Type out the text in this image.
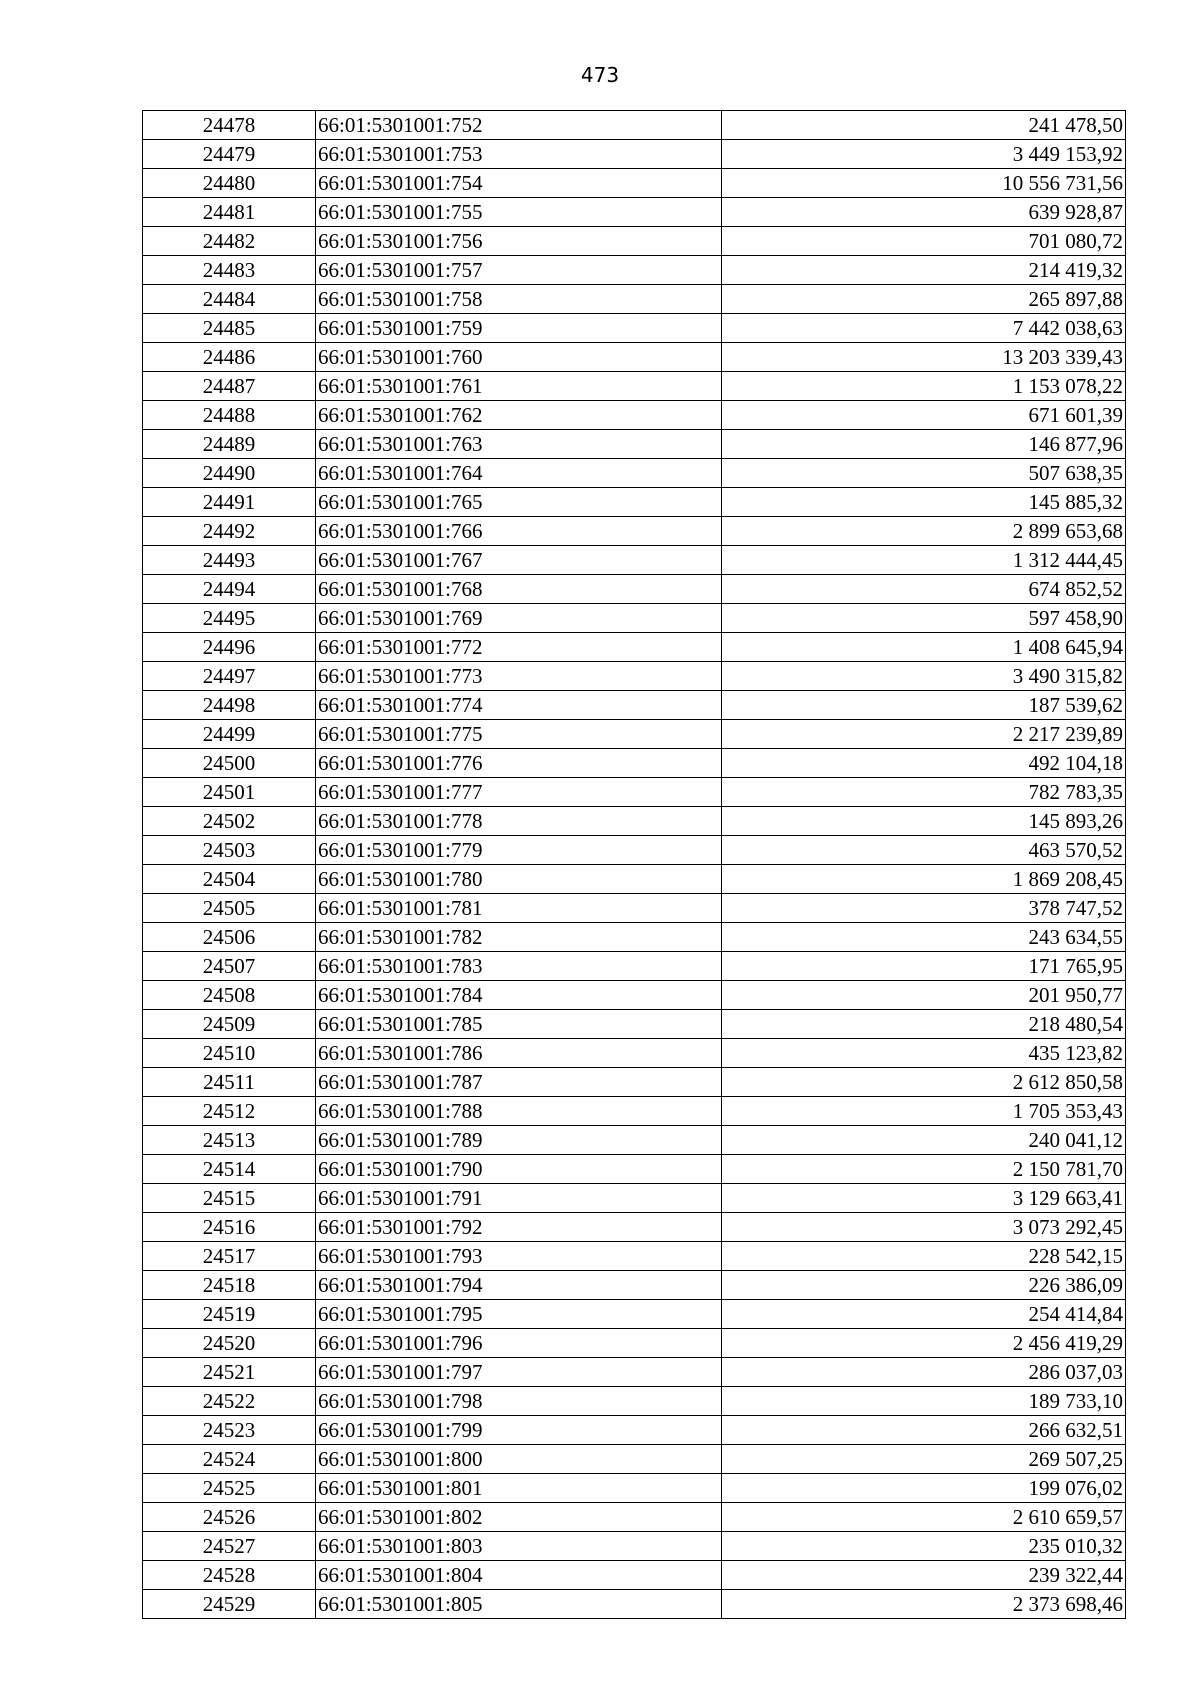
473
24478	66:01:5301001:752	241 478,50
24479	66:01:5301001:753	3 449 153,92
24480	66:01:5301001:754	10 556 731,56
24481	66:01:5301001:755	639 928,87
24482	66:01:5301001:756	701 080,72
24483	66:01:5301001:757	214 419,32
24484	66:01:5301001:758	265 897,88
24485	66:01:5301001:759	7 442 038,63
24486	66:01:5301001:760	13 203 339,43
24487	66:01:5301001:761	1 153 078,22
24488	66:01:5301001:762	671 601,39
24489	66:01:5301001:763	146 877,96
24490	66:01:5301001:764	507 638,35
24491	66:01:5301001:765	145 885,32
24492	66:01:5301001:766	2 899 653,68
24493	66:01:5301001:767	1 312 444,45
24494	66:01:5301001:768	674 852,52
24495	66:01:5301001:769	597 458,90
24496	66:01:5301001:772	1 408 645,94
24497	66:01:5301001:773	3 490 315,82
24498	66:01:5301001:774	187 539,62
24499	66:01:5301001:775	2 217 239,89
24500	66:01:5301001:776	492 104,18
24501	66:01:5301001:777	782 783,35
24502	66:01:5301001:778	145 893,26
24503	66:01:5301001:779	463 570,52
24504	66:01:5301001:780	1 869 208,45
24505	66:01:5301001:781	378 747,52
24506	66:01:5301001:782	243 634,55
24507	66:01:5301001:783	171 765,95
24508	66:01:5301001:784	201 950,77
24509	66:01:5301001:785	218 480,54
24510	66:01:5301001:786	435 123,82
24511	66:01:5301001:787	2 612 850,58
24512	66:01:5301001:788	1 705 353,43
24513	66:01:5301001:789	240 041,12
24514	66:01:5301001:790	2 150 781,70
24515	66:01:5301001:791	3 129 663,41
24516	66:01:5301001:792	3 073 292,45
24517	66:01:5301001:793	228 542,15
24518	66:01:5301001:794	226 386,09
24519	66:01:5301001:795	254 414,84
24520	66:01:5301001:796	2 456 419,29
24521	66:01:5301001:797	286 037,03
24522	66:01:5301001:798	189 733,10
24523	66:01:5301001:799	266 632,51
24524	66:01:5301001:800	269 507,25
24525	66:01:5301001:801	199 076,02
24526	66:01:5301001:802	2 610 659,57
24527	66:01:5301001:803	235 010,32
24528	66:01:5301001:804	239 322,44
24529	66:01:5301001:805	2 373 698,46
